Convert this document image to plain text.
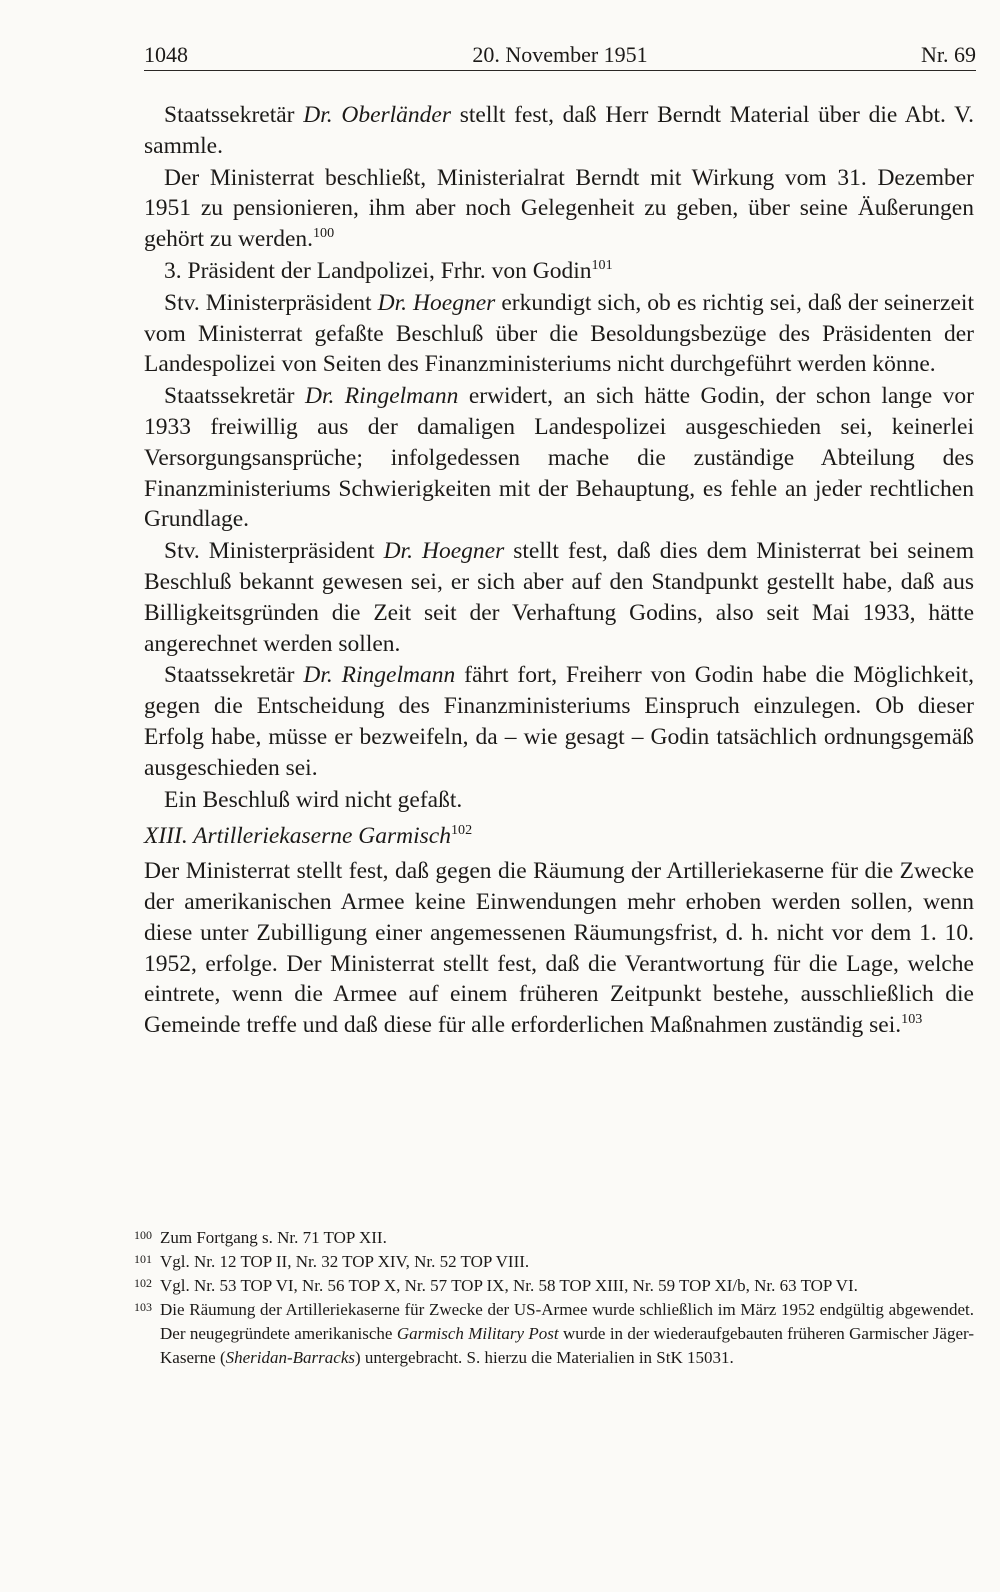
1048	20. November 1951	Nr. 69

Staatssekretär Dr. Oberländer stellt fest, daß Herr Berndt Material über die Abt. V. sammle.

Der Ministerrat beschließt, Ministerialrat Berndt mit Wirkung vom 31. Dezember 1951 zu pensionieren, ihm aber noch Gelegenheit zu geben, über seine Äußerungen gehört zu werden.$^{100}$

3. Präsident der Landpolizei, Frhr. von Godin$^{101}$

Stv. Ministerpräsident Dr. Hoegner erkundigt sich, ob es richtig sei, daß der seinerzeit vom Ministerrat gefaßte Beschluß über die Besoldungsbezüge des Präsidenten der Landespolizei von Seiten des Finanzministeriums nicht durchgeführt werden könne.

Staatssekretär Dr. Ringelmann erwidert, an sich hätte Godin, der schon lange vor 1933 freiwillig aus der damaligen Landespolizei ausgeschieden sei, keinerlei Versorgungsansprüche; infolgedessen mache die zuständige Abteilung des Finanzministeriums Schwierigkeiten mit der Behauptung, es fehle an jeder rechtlichen Grundlage.

Stv. Ministerpräsident Dr. Hoegner stellt fest, daß dies dem Ministerrat bei seinem Beschluß bekannt gewesen sei, er sich aber auf den Standpunkt gestellt habe, daß aus Billigkeitsgründen die Zeit seit der Verhaftung Godins, also seit Mai 1933, hätte angerechnet werden sollen.

Staatssekretär Dr. Ringelmann fährt fort, Freiherr von Godin habe die Möglichkeit, gegen die Entscheidung des Finanzministeriums Einspruch einzulegen. Ob dieser Erfolg habe, müsse er bezweifeln, da – wie gesagt – Godin tatsächlich ordnungsgemäß ausgeschieden sei.

Ein Beschluß wird nicht gefaßt.

XIII. Artilleriekaserne Garmisch$^{102}$

Der Ministerrat stellt fest, daß gegen die Räumung der Artilleriekaserne für die Zwecke der amerikanischen Armee keine Einwendungen mehr erhoben werden sollen, wenn diese unter Zubilligung einer angemessenen Räumungsfrist, d. h. nicht vor dem 1. 10. 1952, erfolge. Der Ministerrat stellt fest, daß die Verantwortung für die Lage, welche eintrete, wenn die Armee auf einem früheren Zeitpunkt bestehe, ausschließlich die Gemeinde treffe und daß diese für alle erforderlichen Maßnahmen zuständig sei.$^{103}$

100 Zum Fortgang s. Nr. 71 TOP XII.

101 Vgl. Nr. 12 TOP II, Nr. 32 TOP XIV, Nr. 52 TOP VIII.

102 Vgl. Nr. 53 TOP VI, Nr. 56 TOP X, Nr. 57 TOP IX, Nr. 58 TOP XIII, Nr. 59 TOP XI/b, Nr. 63 TOP VI.

103 Die Räumung der Artilleriekaserne für Zwecke der US-Armee wurde schließlich im März 1952 endgültig abgewendet. Der neugegründete amerikanische Garmisch Military Post wurde in der wiederaufgebauten früheren Garmischer Jäger-Kaserne (Sheridan-Barracks) untergebracht. S. hierzu die Materialien in StK 15031.
